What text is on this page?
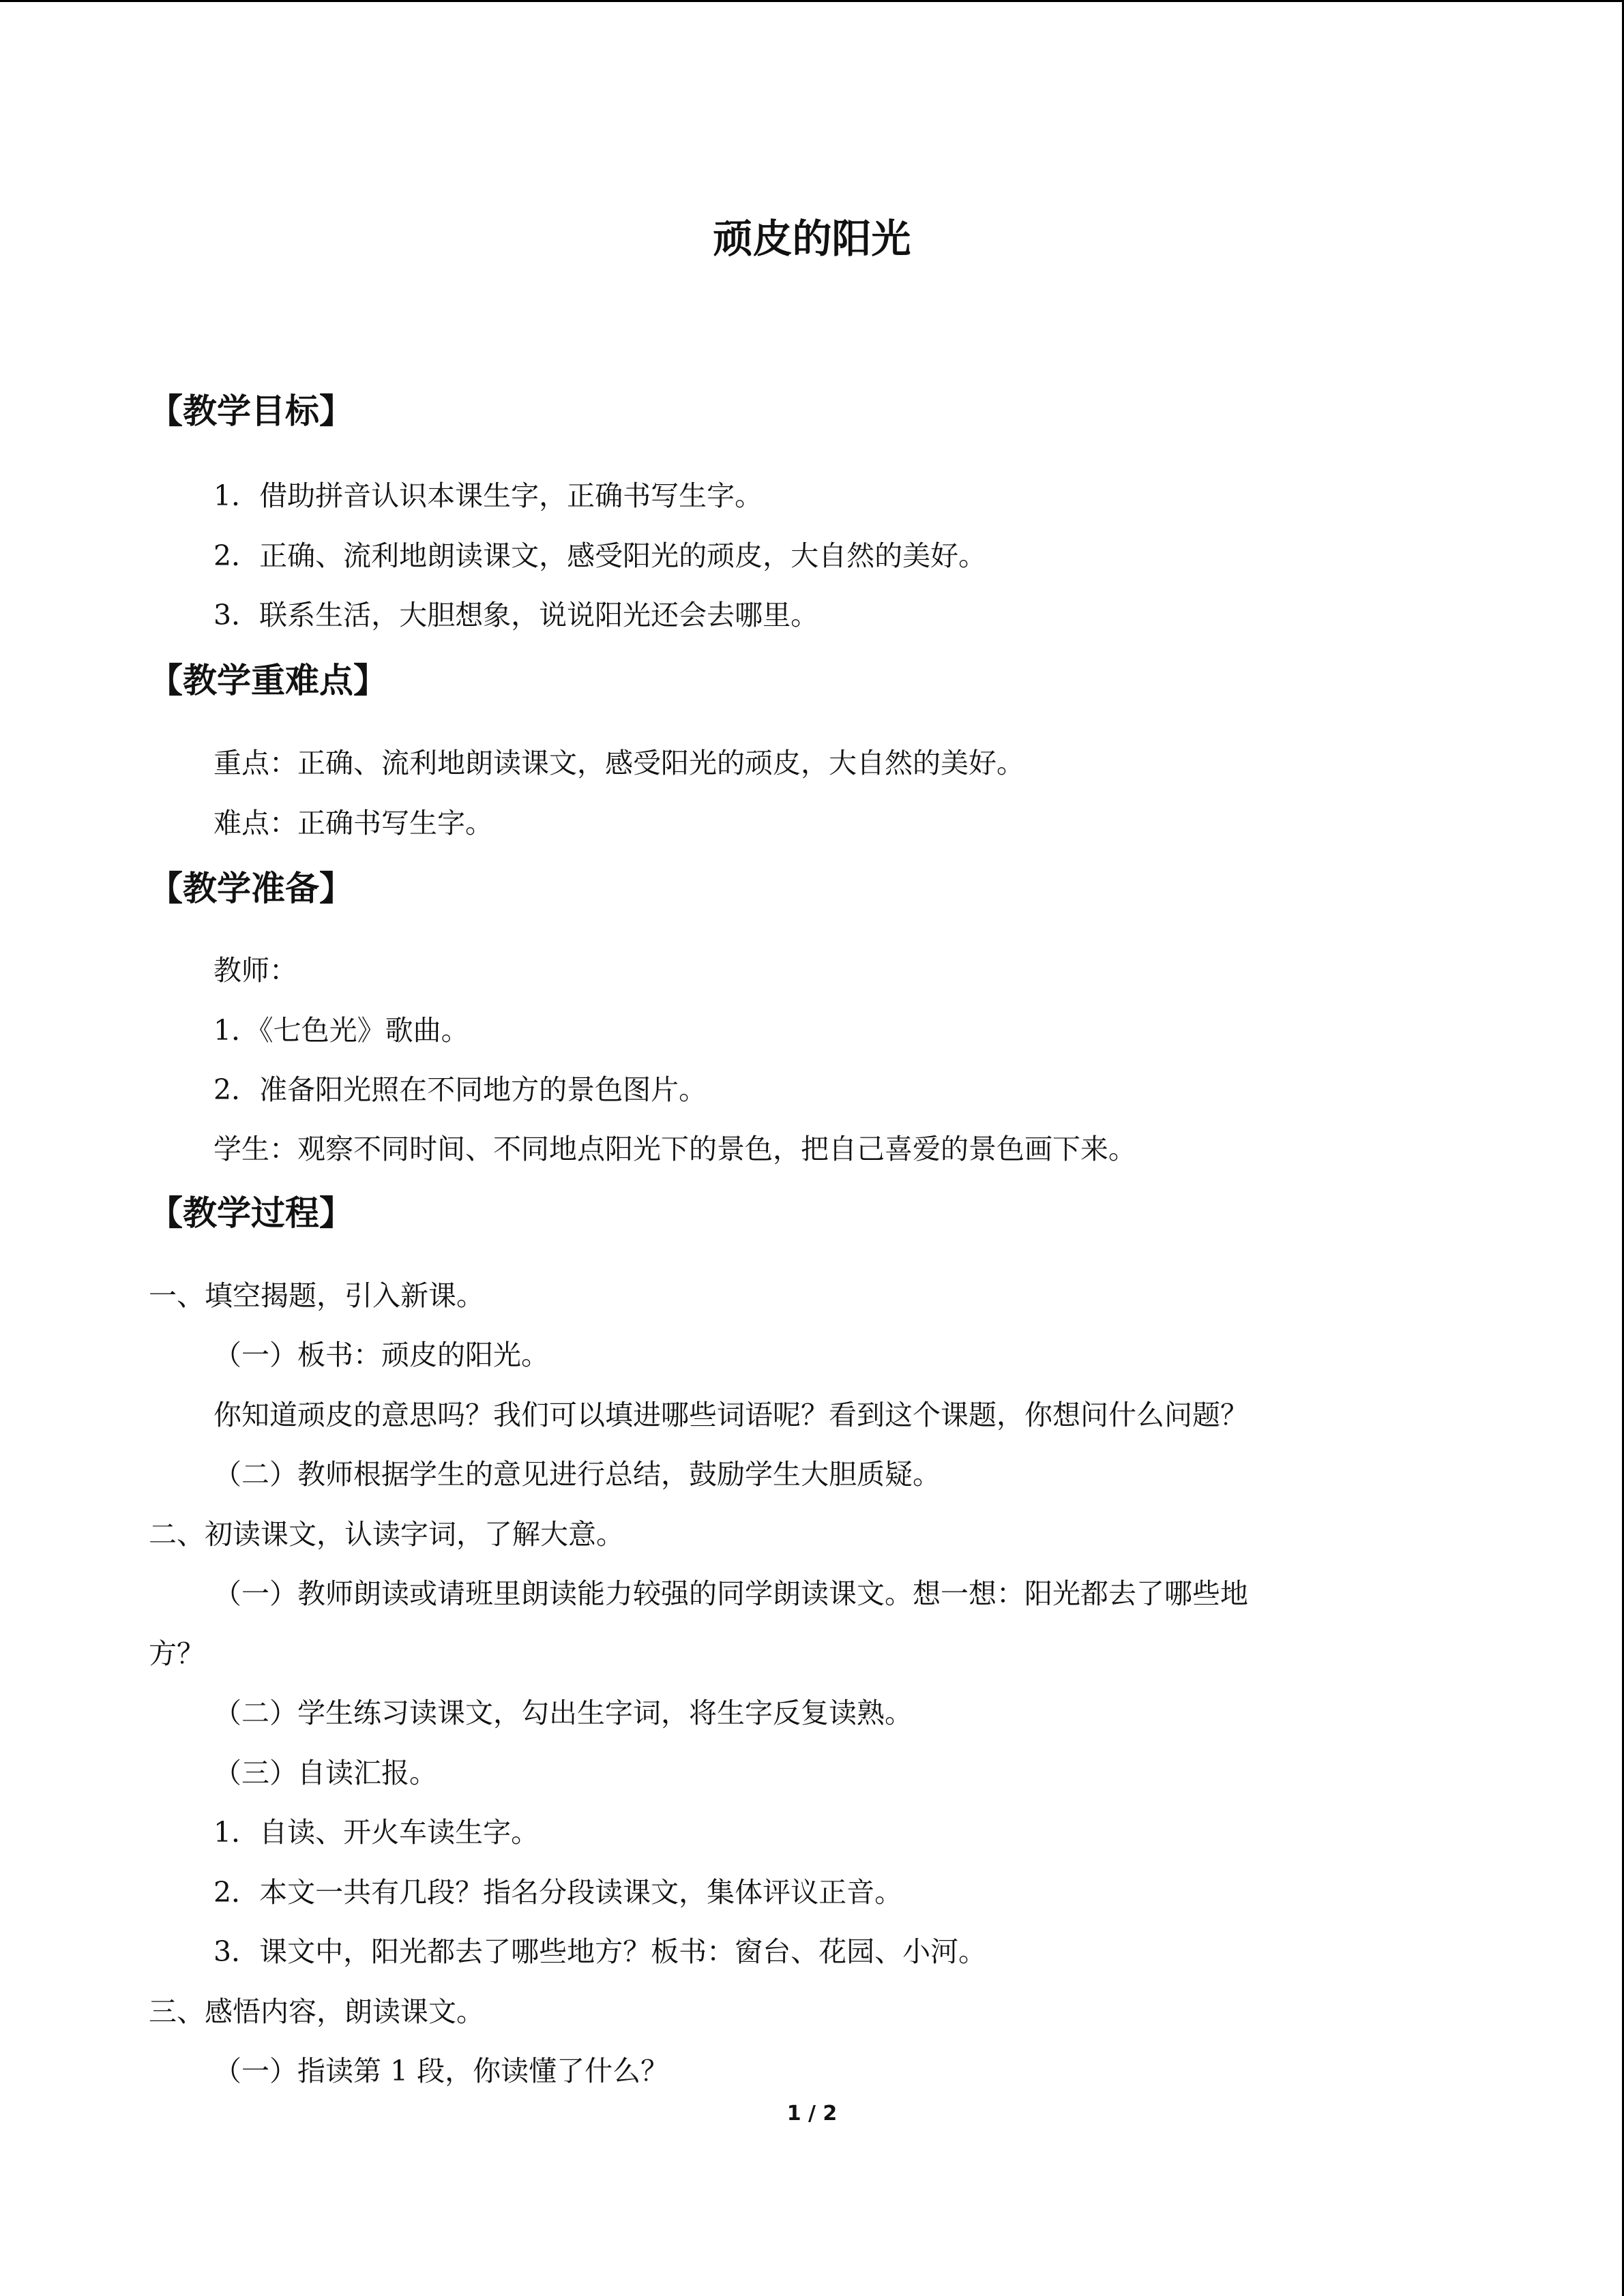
顽皮的阳光
【教学目标】

1．借助拼音认识本课生字，正确书写生字。

2．正确、流利地朗读课文，感受阳光的顽皮，大自然的美好。

3．联系生活，大胆想象，说说阳光还会去哪里。

【教学重难点】

重点：正确、流利地朗读课文，感受阳光的顽皮，大自然的美好。

难点：正确书写生字。

【教学准备】

教师：

1．《七色光》歌曲。

2．准备阳光照在不同地方的景色图片。

学生：观察不同时间、不同地点阳光下的景色，把自己喜爱的景色画下来。

【教学过程】

一、填空揭题，引入新课。

（一）板书：顽皮的阳光。

你知道顽皮的意思吗？我们可以填进哪些词语呢？看到这个课题，你想问什么问题？

（二）教师根据学生的意见进行总结，鼓励学生大胆质疑。

二、初读课文，认读字词，了解大意。

（一）教师朗读或请班里朗读能力较强的同学朗读课文。想一想：阳光都去了哪些地

方？

（二）学生练习读课文，勾出生字词，将生字反复读熟。

（三）自读汇报。

1．自读、开火车读生字。

2．本文一共有几段？指名分段读课文，集体评议正音。

3．课文中，阳光都去了哪些地方？板书：窗台、花园、小河。

三、感悟内容，朗读课文。

（一）指读第 1 段，你读懂了什么？

1 / 2
